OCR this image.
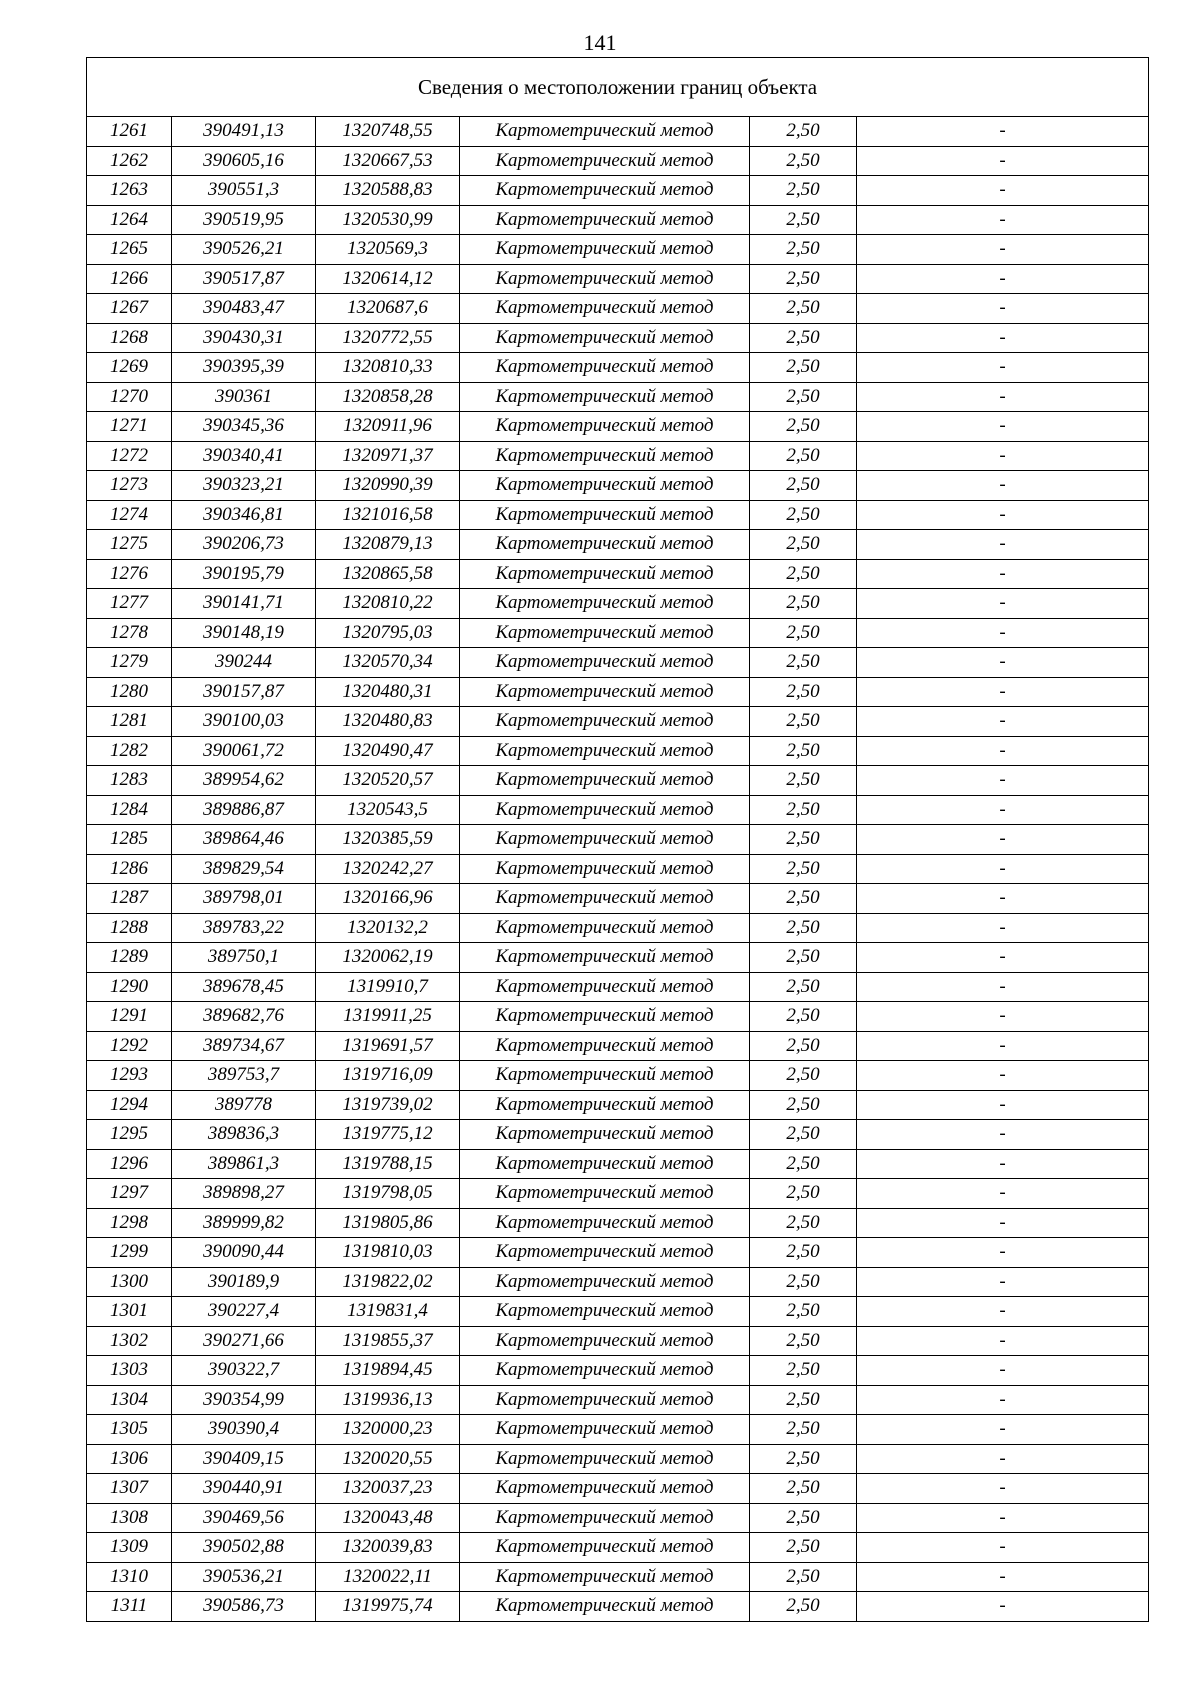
141
Сведения о местоположении границ объекта					
1261	390491,13	1320748,55	Картометрический метод	2,50	-
1262	390605,16	1320667,53	Картометрический метод	2,50	-
1263	390551,3	1320588,83	Картометрический метод	2,50	-
1264	390519,95	1320530,99	Картометрический метод	2,50	-
1265	390526,21	1320569,3	Картометрический метод	2,50	-
1266	390517,87	1320614,12	Картометрический метод	2,50	-
1267	390483,47	1320687,6	Картометрический метод	2,50	-
1268	390430,31	1320772,55	Картометрический метод	2,50	-
1269	390395,39	1320810,33	Картометрический метод	2,50	-
1270	390361	1320858,28	Картометрический метод	2,50	-
1271	390345,36	1320911,96	Картометрический метод	2,50	-
1272	390340,41	1320971,37	Картометрический метод	2,50	-
1273	390323,21	1320990,39	Картометрический метод	2,50	-
1274	390346,81	1321016,58	Картометрический метод	2,50	-
1275	390206,73	1320879,13	Картометрический метод	2,50	-
1276	390195,79	1320865,58	Картометрический метод	2,50	-
1277	390141,71	1320810,22	Картометрический метод	2,50	-
1278	390148,19	1320795,03	Картометрический метод	2,50	-
1279	390244	1320570,34	Картометрический метод	2,50	-
1280	390157,87	1320480,31	Картометрический метод	2,50	-
1281	390100,03	1320480,83	Картометрический метод	2,50	-
1282	390061,72	1320490,47	Картометрический метод	2,50	-
1283	389954,62	1320520,57	Картометрический метод	2,50	-
1284	389886,87	1320543,5	Картометрический метод	2,50	-
1285	389864,46	1320385,59	Картометрический метод	2,50	-
1286	389829,54	1320242,27	Картометрический метод	2,50	-
1287	389798,01	1320166,96	Картометрический метод	2,50	-
1288	389783,22	1320132,2	Картометрический метод	2,50	-
1289	389750,1	1320062,19	Картометрический метод	2,50	-
1290	389678,45	1319910,7	Картометрический метод	2,50	-
1291	389682,76	1319911,25	Картометрический метод	2,50	-
1292	389734,67	1319691,57	Картометрический метод	2,50	-
1293	389753,7	1319716,09	Картометрический метод	2,50	-
1294	389778	1319739,02	Картометрический метод	2,50	-
1295	389836,3	1319775,12	Картометрический метод	2,50	-
1296	389861,3	1319788,15	Картометрический метод	2,50	-
1297	389898,27	1319798,05	Картометрический метод	2,50	-
1298	389999,82	1319805,86	Картометрический метод	2,50	-
1299	390090,44	1319810,03	Картометрический метод	2,50	-
1300	390189,9	1319822,02	Картометрический метод	2,50	-
1301	390227,4	1319831,4	Картометрический метод	2,50	-
1302	390271,66	1319855,37	Картометрический метод	2,50	-
1303	390322,7	1319894,45	Картометрический метод	2,50	-
1304	390354,99	1319936,13	Картометрический метод	2,50	-
1305	390390,4	1320000,23	Картометрический метод	2,50	-
1306	390409,15	1320020,55	Картометрический метод	2,50	-
1307	390440,91	1320037,23	Картометрический метод	2,50	-
1308	390469,56	1320043,48	Картометрический метод	2,50	-
1309	390502,88	1320039,83	Картометрический метод	2,50	-
1310	390536,21	1320022,11	Картометрический метод	2,50	-
1311	390586,73	1319975,74	Картометрический метод	2,50	-
